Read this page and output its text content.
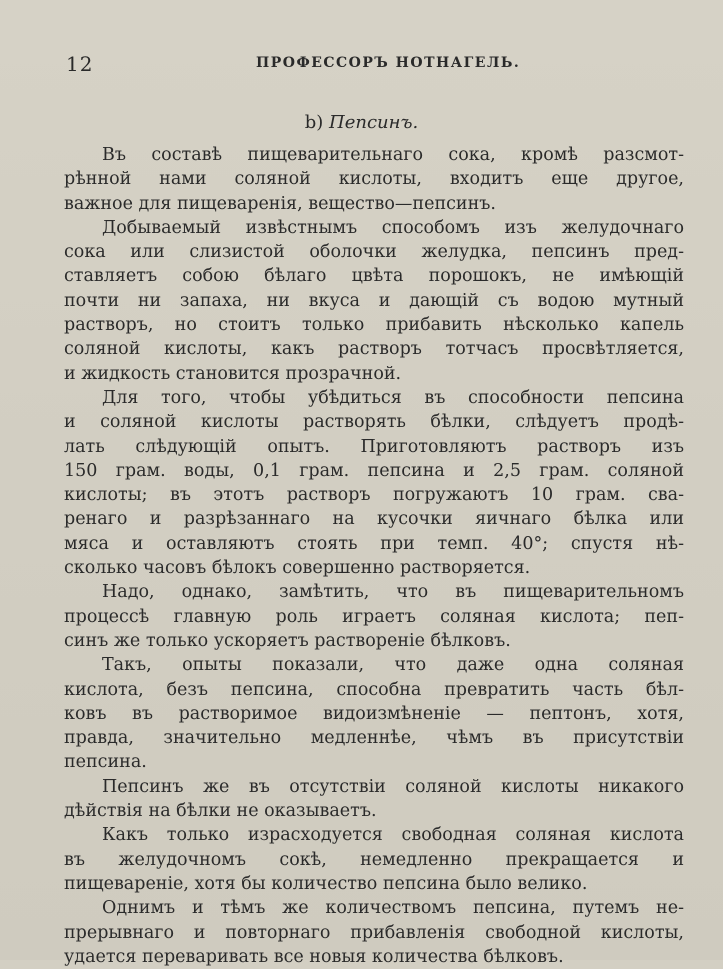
12	ПРОФЕССОРЪ НОТНАГЕЛЬ.
b) Пепсинъ.
Въ составѣ пищеварительнаго сока, кромѣ разсмот-
рѣнной нами соляной кислоты, входитъ еще другое,
важное для пищеваренія, вещество—пепсинъ.
Добываемый извѣстнымъ способомъ изъ желудочнаго
сока или слизистой оболочки желудка, пепсинъ пред-
ставляетъ собою бѣлаго цвѣта порошокъ, не имѣющій
почти ни запаха, ни вкуса и дающій съ водою мутный
растворъ, но стоитъ только прибавить нѣсколько капель
соляной кислоты, какъ растворъ тотчасъ просвѣтляется,
и жидкость становится прозрачной.
Для того, чтобы убѣдиться въ способности пепсина
и соляной кислоты растворять бѣлки, слѣдуетъ продѣ-
лать слѣдующій опытъ. Приготовляютъ растворъ изъ
150 грам. воды, 0,1 грам. пепсина и 2,5 грам. соляной
кислоты; въ этотъ растворъ погружаютъ 10 грам. сва-
ренаго и разрѣзаннаго на кусочки яичнаго бѣлка или
мяса и оставляютъ стоять при темп. 40°; спустя нѣ-
сколько часовъ бѣлокъ совершенно растворяется.
Надо, однако, замѣтить, что въ пищеварительномъ
процессѣ главную роль играетъ соляная кислота; пеп-
синъ же только ускоряетъ раствореніе бѣлковъ.
Такъ, опыты показали, что даже одна соляная
кислота, безъ пепсина, способна превратить часть бѣл-
ковъ въ растворимое видоизмѣненіе — пептонъ, хотя,
правда, значительно медленнѣе, чѣмъ въ присутствіи
пепсина.
Пепсинъ же въ отсутствіи соляной кислоты никакого
дѣйствія на бѣлки не оказываетъ.
Какъ только израсходуется свободная соляная кислота
въ желудочномъ сокѣ, немедленно прекращается и
пищевареніе, хотя бы количество пепсина было велико.
Однимъ и тѣмъ же количествомъ пепсина, путемъ не-
прерывнаго и повторнаго прибавленія свободной кислоты,
удается переваривать все новыя количества бѣлковъ.
